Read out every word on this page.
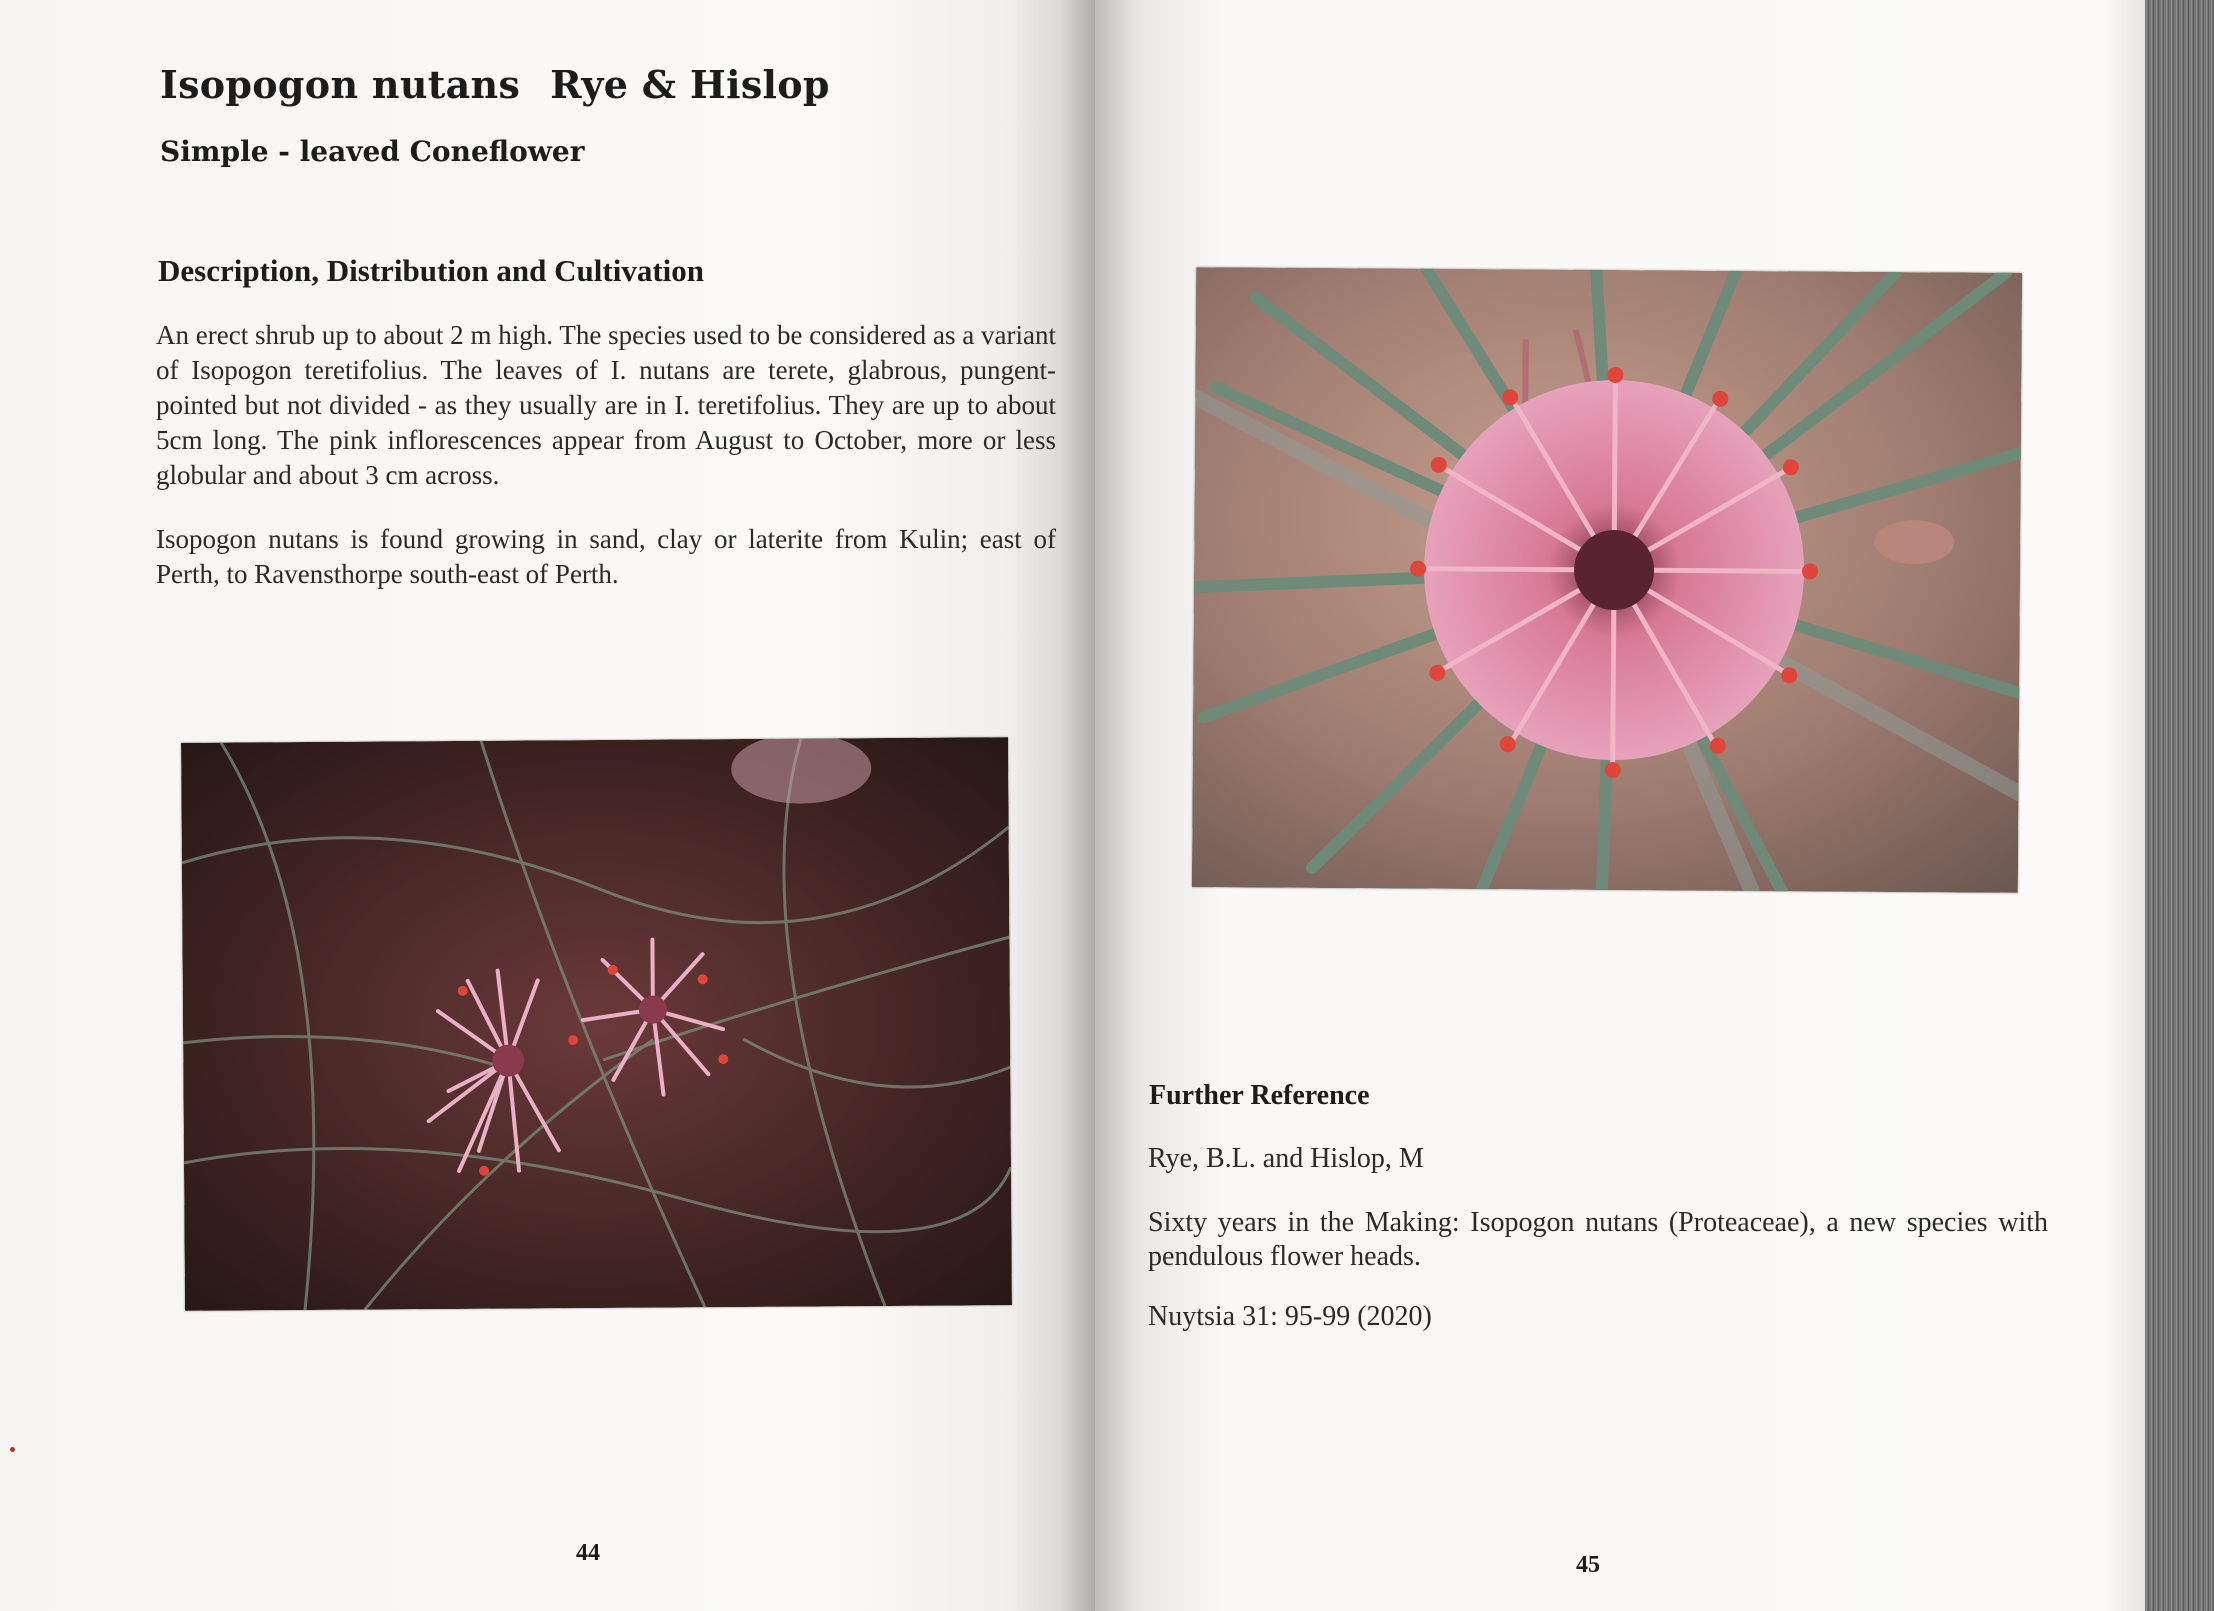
Isopogon nutans Rye & Hislop
Simple - leaved Coneflower
Description, Distribution and Cultivation

An erect shrub up to about 2 m high. The species used to be considered as a variant of Isopogon teretifolius. The leaves of I. nutans are terete, glabrous, pungent-pointed but not divided - as they usually are in I. teretifolius. They are up to about 5cm long. The pink inflorescences appear from August to October, more or less globular and about 3 cm across.

Isopogon nutans is found growing in sand, clay or laterite from Kulin; east of Perth, to Ravensthorpe south-east of Perth.

44

Further Reference

Rye, B.L. and Hislop, M

Sixty years in the Making: Isopogon nutans (Proteaceae), a new species with pendulous flower heads.

Nuytsia 31: 95-99 (2020)

45
